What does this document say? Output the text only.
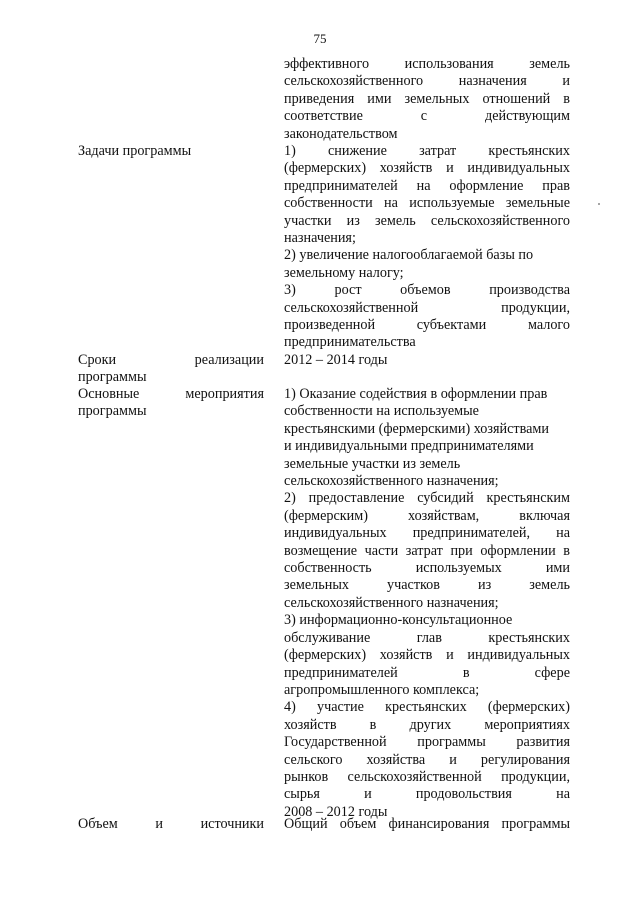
75
эффективного использования земель
сельскохозяйственного назначения и
приведения ими земельных отношений в
соответствие с действующим
законодательством
Задачи программы	1) снижение затрат крестьянских
(фермерских) хозяйств и индивидуальных
предпринимателей на оформление прав
собственности на используемые земельные
участки из земель сельскохозяйственного
назначения;
2) увеличение налогооблагаемой базы по
земельному налогу;
3) рост объемов производства
сельскохозяйственной продукции,
произведенной субъектами малого
предпринимательства
Сроки реализации
программы
2012 – 2014 годы
Основные мероприятия
программы
1) Оказание содействия в оформлении прав
собственности на используемые
крестьянскими (фермерскими) хозяйствами
и индивидуальными предпринимателями
земельные участки из земель
сельскохозяйственного назначения;
2) предоставление субсидий крестьянским
(фермерским) хозяйствам, включая
индивидуальных предпринимателей, на
возмещение части затрат при оформлении в
собственность используемых ими
земельных участков из земель
сельскохозяйственного назначения;
3) информационно-консультационное
обслуживание глав крестьянских
(фермерских) хозяйств и индивидуальных
предпринимателей в сфере
агропромышленного комплекса;
4) участие крестьянских (фермерских)
хозяйств в других мероприятиях
Государственной программы развития
сельского хозяйства и регулирования
рынков сельскохозяйственной продукции,
сырья и продовольствия на
2008 – 2012 годы
Объем и источники Общий объем финансирования программы
